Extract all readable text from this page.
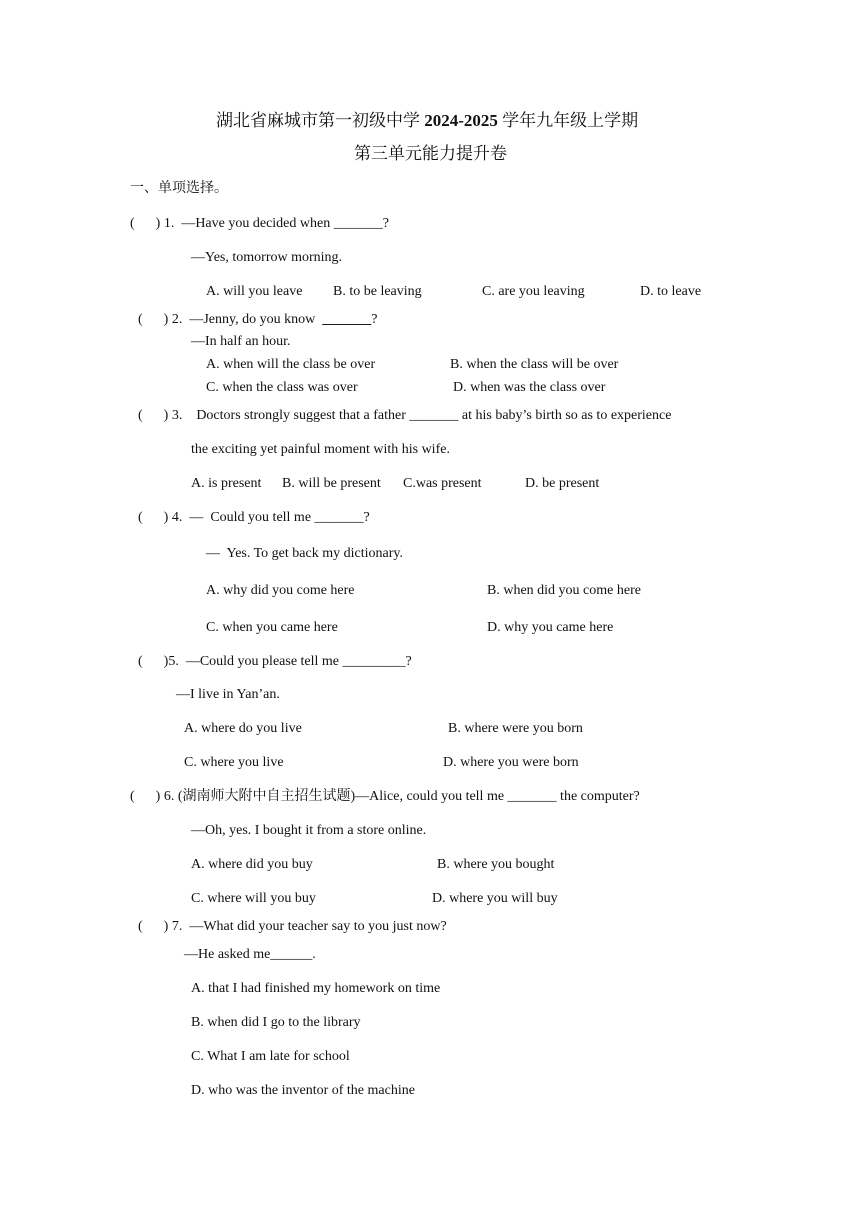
湖北省麻城市第一初级中学 2024-2025 学年九年级上学期
第三单元能力提升卷
一、单项选择。
(      ) 1.  —Have you decided when _______?
—Yes, tomorrow morning.
A. will you leave B. to be leaving	C. are you leaving	D. to leave
(      ) 2.  —Jenny, do you know  _______?
—In half an hour.
A. when will the class be over	B. when the class will be over
C. when the class was over	D. when was the class over
(      ) 3.    Doctors strongly suggest that a father _______ at his baby’s birth so as to experience
the exciting yet painful moment with his wife.
A. is present B. will be present C.was present	D. be present
(      ) 4.  —  Could you tell me _______?
—  Yes. To get back my dictionary.
A. why did you come here	B. when did you come here
C. when you came here	D. why you came here
(      )5.  —Could you please tell me _________?
—I live in Yan’an.
A. where do you live	B. where were you born
C. where you live	D. where you were born
(      ) 6. (湖南师大附中自主招生试题)—Alice, could you tell me _______ the computer?
—Oh, yes. I bought it from a store online.
A. where did you buy	B. where you bought
C. where will you buy	D. where you will buy
(      ) 7.  —What did your teacher say to you just now?
—He asked me______.
A. that I had finished my homework on time
B. when did I go to the library
C. What I am late for school
D. who was the inventor of the machine
